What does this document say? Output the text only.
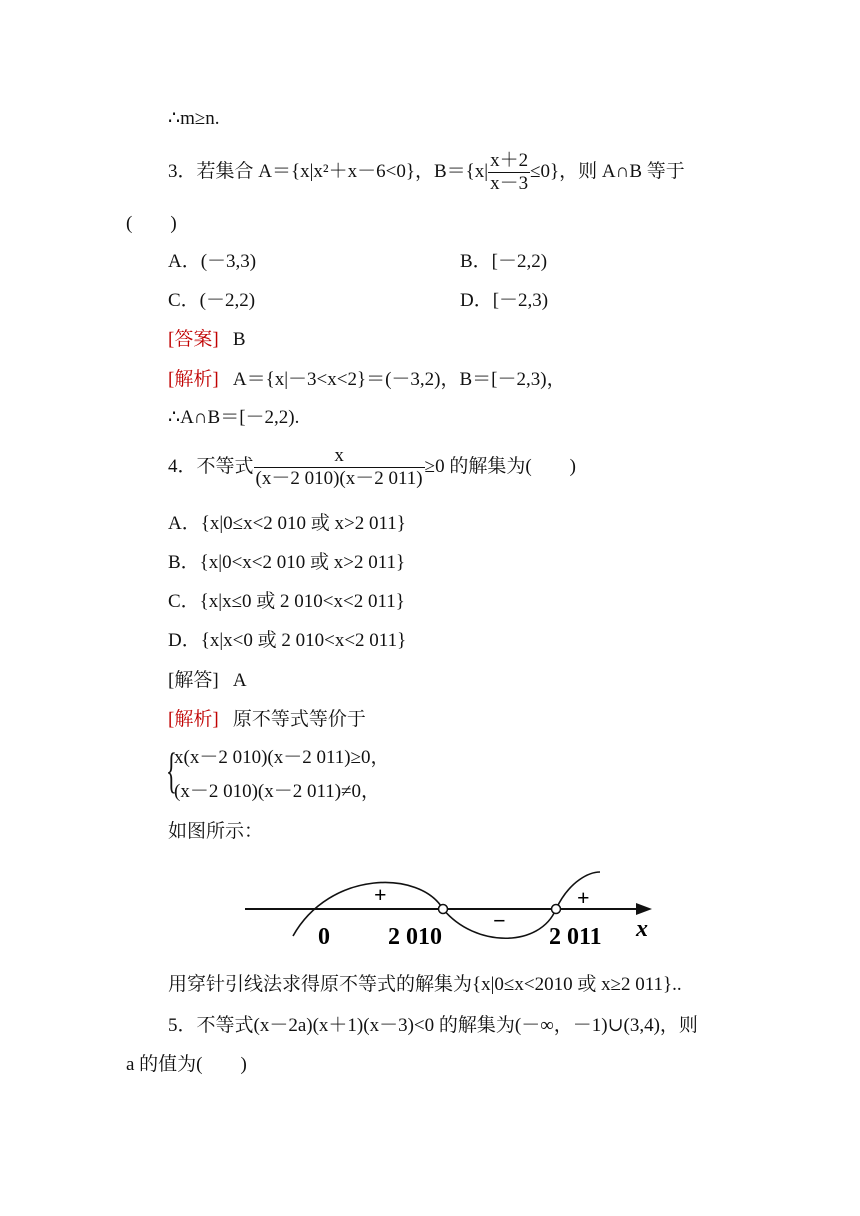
∴m≥n.
3．若集合 A＝{x|x²＋x－6<0}，$B=\{x| \frac{x+2}{x-3} \le 0\}$，则 A∩B 等于
(　　)
A．(－3,3)	B．[－2,2)
C．(－2,2)	D．[－2,3)
[答案] B
[解析] A＝{x|－3<x<2}＝(－3,2)，B＝[－2,3)，
∴A∩B＝[－2,2).
4．不等式 $\frac{x}{(x-2 010)(x-2 011)} \ge 0$ 的解集为(　　)
A．{x|0≤x<2 010 或 x>2 011}
B．{x|0<x<2 010 或 x>2 011}
C．{x|x≤0 或 2 010<x<2 011}
D．{x|x<0 或 2 010<x<2 011}
[解答] A
[解析] 原不等式等价于
{
x(x－2 010)(x－2 011)≥0，
(x－2 010)(x－2 011)≠0，
如图所示：
+
−
+
0 2 010	2 011 x
用穿针引线法求得原不等式的解集为{x|0≤x<2010 或 x≥2 011}..
5．不等式(x－2a)(x＋1)(x－3)<0 的解集为(－∞，－1)∪(3,4)，则
a 的值为(　　)
